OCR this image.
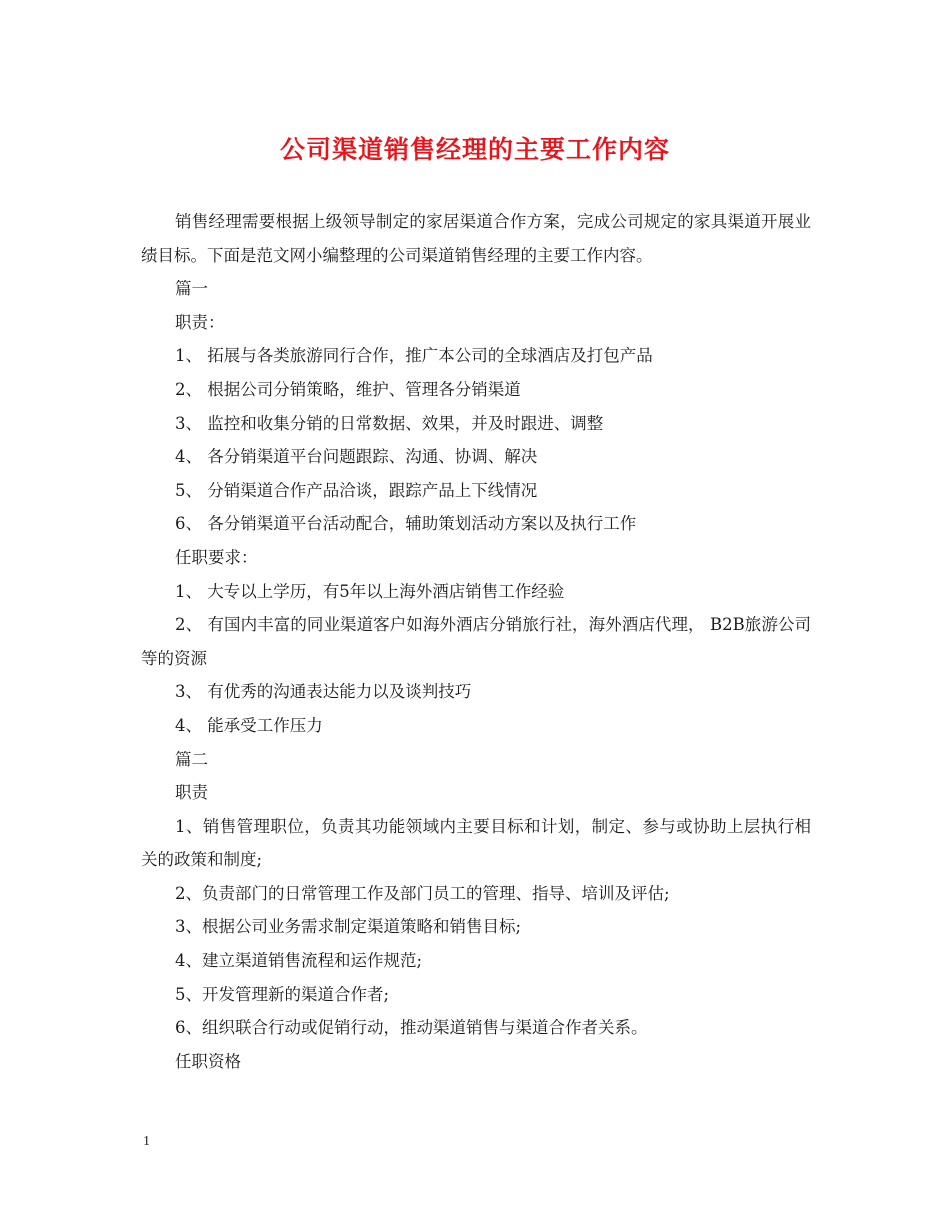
公司渠道销售经理的主要工作内容

销售经理需要根据上级领导制定的家居渠道合作方案，完成公司规定的家具渠道开展业绩目标。下面是范文网小编整理的公司渠道销售经理的主要工作内容。

篇一

职责：

1、 拓展与各类旅游同行合作，推广本公司的全球酒店及打包产品

2、 根据公司分销策略，维护、管理各分销渠道

3、 监控和收集分销的日常数据、效果，并及时跟进、调整

4、 各分销渠道平台问题跟踪、沟通、协调、解决

5、 分销渠道合作产品洽谈，跟踪产品上下线情况

6、 各分销渠道平台活动配合，辅助策划活动方案以及执行工作

任职要求：

1、 大专以上学历，有5年以上海外酒店销售工作经验

2、 有国内丰富的同业渠道客户如海外酒店分销旅行社，海外酒店代理， B2B旅游公司等的资源

3、 有优秀的沟通表达能力以及谈判技巧

4、 能承受工作压力

篇二

职责

1、销售管理职位，负责其功能领域内主要目标和计划，制定、参与或协助上层执行相关的政策和制度;

2、负责部门的日常管理工作及部门员工的管理、指导、培训及评估;

3、根据公司业务需求制定渠道策略和销售目标;

4、建立渠道销售流程和运作规范;

5、开发管理新的渠道合作者;

6、组织联合行动或促销行动，推动渠道销售与渠道合作者关系。

任职资格

1
